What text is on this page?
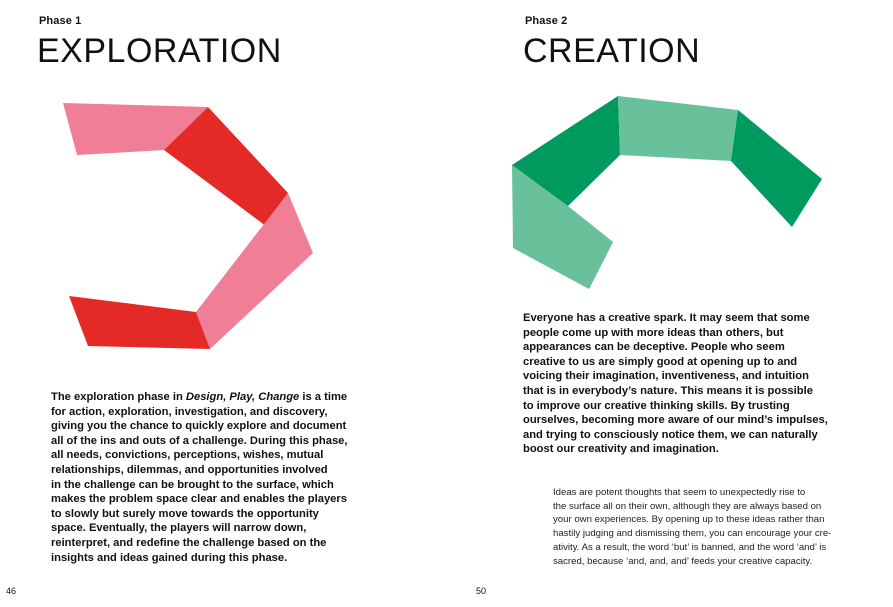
Phase 1
EXPLORATION
The exploration phase in Design, Play, Change is a time
for action, exploration, investigation, and discovery,
giving you the chance to quickly explore and document
all of the ins and outs of a challenge. During this phase,
all needs, convictions, perceptions, wishes, mutual
relationships, dilemmas, and opportunities involved
in the challenge can be brought to the surface, which
makes the problem space clear and enables the players
to slowly but surely move towards the opportunity
space. Eventually, the players will narrow down,
reinterpret, and redefine the challenge based on the
insights and ideas gained during this phase.
46
Phase 2
CREATION
Everyone has a creative spark. It may seem that some
people come up with more ideas than others, but
appearances can be deceptive. People who seem
creative to us are simply good at opening up to and
voicing their imagination, inventiveness, and intuition
that is in everybody’s nature. This means it is possible
to improve our creative thinking skills. By trusting
ourselves, becoming more aware of our mind’s impulses,
and trying to consciously notice them, we can naturally
boost our creativity and imagination.
Ideas are potent thoughts that seem to unexpectedly rise to
the surface all on their own, although they are always based on
your own experiences. By opening up to these ideas rather than
hastily judging and dismissing them, you can encourage your cre-
ativity. As a result, the word ‘but’ is banned, and the word ‘and’ is
sacred, because ‘and, and, and’ feeds your creative capacity.
50
